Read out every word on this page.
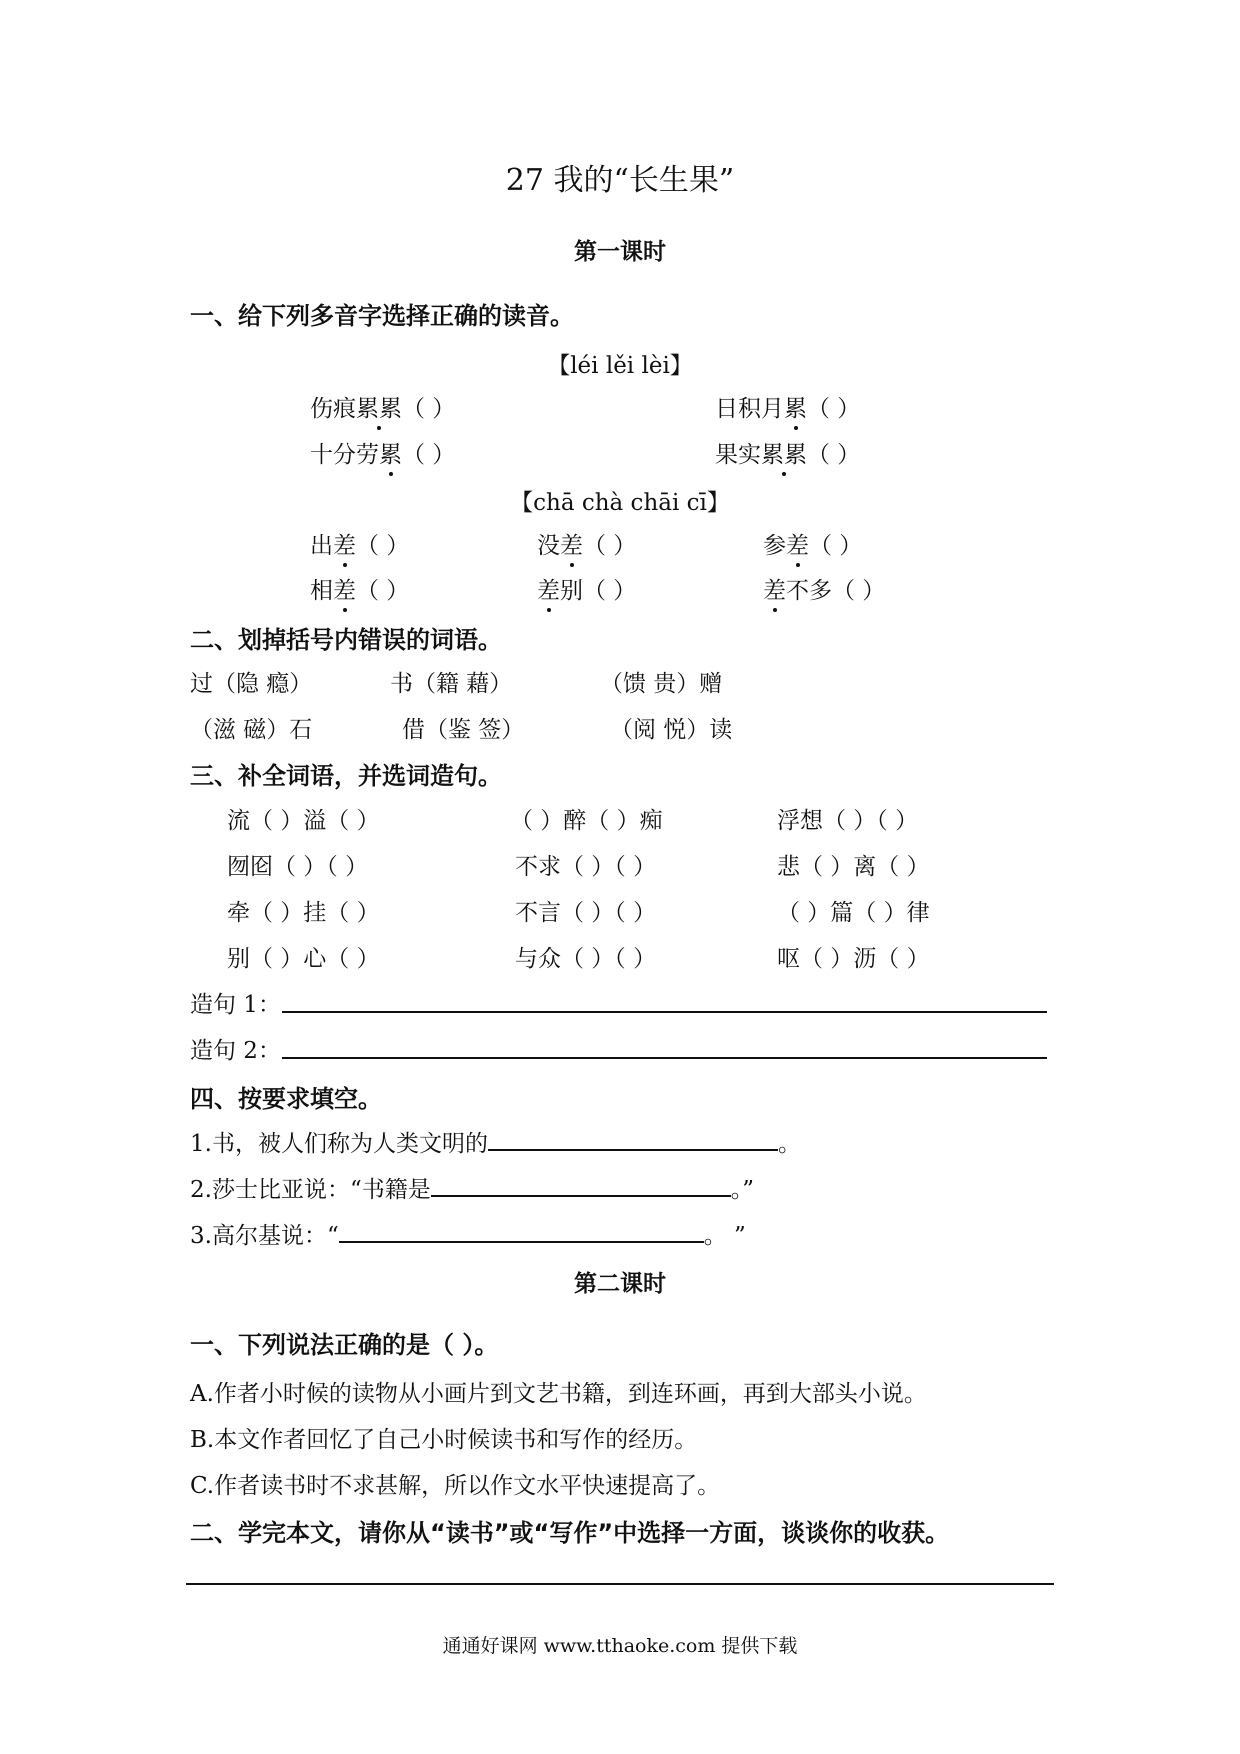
27 我的“长生果”
第一课时
一、给下列多音字选择正确的读音。
【léi lěi lèi】
伤痕累累（ ）	日积月累（ ）
十分劳累（ ）	果实累累（ ）
【chā chà chāi cī】
出差（ ）	没差（ ）	参差（ ）
相差（ ）	差别（ ）	差不多（ ）
二、划掉括号内错误的词语。
过（隐 瘾）	书（籍 藉）	（馈 贵）赠
（滋 磁）石	借（鉴 签）	（阅 悦）读
三、补全词语，并选词造句。
流（ ）溢（ ）	（ ）醉（ ）痴	浮想（ ）（ ）
囫囵（ ）（ ）	不求（ ）（ ）	悲（ ）离（ ）
牵（ ）挂（ ）	不言（ ）（ ）	（ ）篇（ ）律
别（ ）心（ ）	与众（ ）（ ）	呕（ ）沥（ ）
造句 1：
造句 2：
四、按要求填空。
1.书，被人们称为人类文明的	。
2.莎士比亚说：“书籍是	。”
3.高尔基说：“	。 ”
第二课时
一、下列说法正确的是（ ）。
A.作者小时候的读物从小画片到文艺书籍，到连环画，再到大部头小说。
B.本文作者回忆了自己小时候读书和写作的经历。
C.作者读书时不求甚解，所以作文水平快速提高了。
二、学完本文，请你从“读书”或“写作”中选择一方面，谈谈你的收获。
通通好课网 www.tthaoke.com 提供下载
